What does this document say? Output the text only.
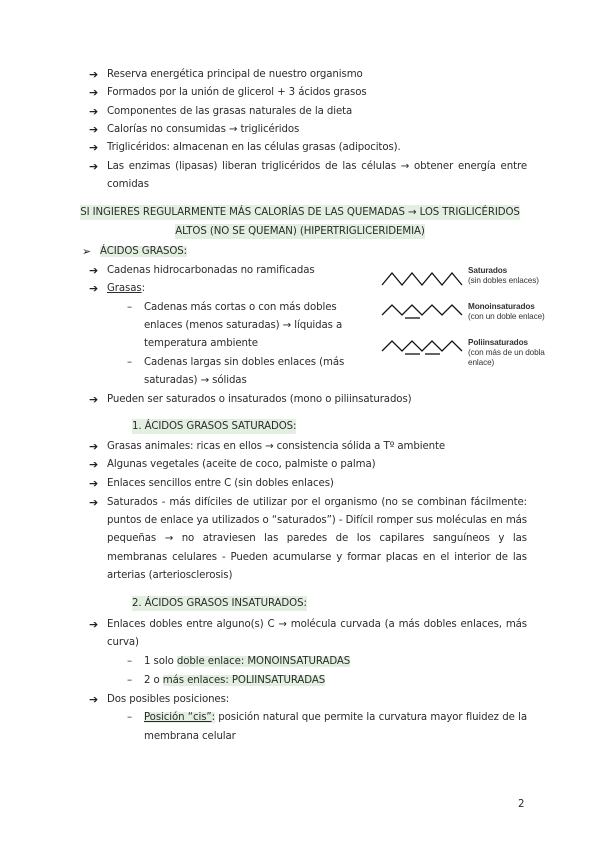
➔ Reserva energética principal de nuestro organismo
➔ Formados por la unión de glicerol + 3 ácidos grasos
➔ Componentes de las grasas naturales de la dieta
➔ Calorías no consumidas → triglicéridos
➔ Triglicéridos: almacenan en las células grasas (adipocitos).
➔ Las enzimas (lipasas) liberan triglicéridos de las células → obtener energía entre
comidas
SI INGIERES REGULARMENTE MÁS CALORÍAS DE LAS QUEMADAS → LOS TRIGLICÉRIDOS
ALTOS (NO SE QUEMAN) (HIPERTRIGLICERIDEMIA)
➢ ÁCIDOS GRASOS:
➔ Cadenas hidrocarbonadas no ramificadas
➔ Grasas:
– Cadenas más cortas o con más dobles
enlaces (menos saturadas) → líquidas a
temperatura ambiente
– Cadenas largas sin dobles enlaces (más
saturadas) → sólidas
➔ Pueden ser saturados o insaturados (mono o piliinsaturados)
Saturados
(sin dobles enlaces)
Monoinsaturados
(con un doble enlace)
Poliinsaturados
(con más de un dobla
enlace)
1. ÁCIDOS GRASOS SATURADOS:
➔ Grasas animales: ricas en ellos → consistencia sólida a Tº ambiente
➔ Algunas vegetales (aceite de coco, palmiste o palma)
➔ Enlaces sencillos entre C (sin dobles enlaces)
➔ Saturados - más difíciles de utilizar por el organismo (no se combinan fácilmente:
puntos de enlace ya utilizados o “saturados”) - Difícil romper sus moléculas en más
pequeñas → no atraviesen las paredes de los capilares sanguíneos y las
membranas celulares - Pueden acumularse y formar placas en el interior de las
arterias (arteriosclerosis)
2. ÁCIDOS GRASOS INSATURADOS:
➔ Enlaces dobles entre alguno(s) C → molécula curvada (a más dobles enlaces, más
curva)
– 1 solo doble enlace: MONOINSATURADAS
– 2 o más enlaces: POLIINSATURADAS
➔ Dos posibles posiciones:
– Posición “cis”: posición natural que permite la curvatura mayor fluidez de la
membrana celular
2
